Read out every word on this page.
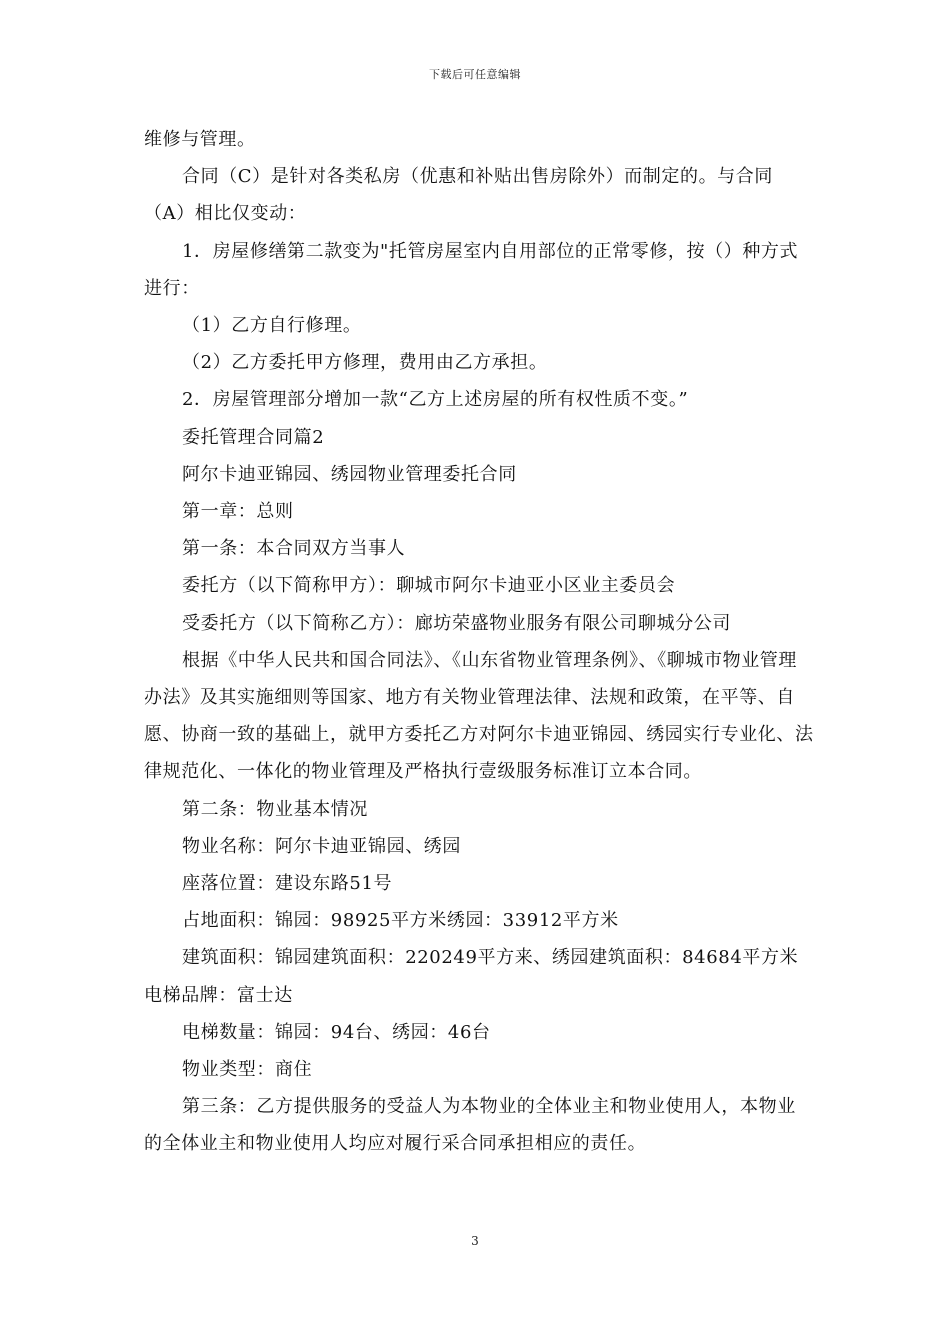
下载后可任意编辑

维修与管理。

合同（C）是针对各类私房（优惠和补贴出售房除外）而制定的。与合同（A）相比仅变动：

1．房屋修缮第二款变为"托管房屋室内自用部位的正常零修，按（）种方式进行：

（1）乙方自行修理。

（2）乙方委托甲方修理，费用由乙方承担。

2．房屋管理部分增加一款“乙方上述房屋的所有权性质不变。”

委托管理合同篇2

阿尔卡迪亚锦园、绣园物业管理委托合同

第一章：总则

第一条：本合同双方当事人

委托方（以下简称甲方）：聊城市阿尔卡迪亚小区业主委员会

受委托方（以下简称乙方）：廊坊荣盛物业服务有限公司聊城分公司

根据《中华人民共和国合同法》、《山东省物业管理条例》、《聊城市物业管理办法》及其实施细则等国家、地方有关物业管理法律、法规和政策，在平等、自愿、协商一致的基础上，就甲方委托乙方对阿尔卡迪亚锦园、绣园实行专业化、法律规范化、一体化的物业管理及严格执行壹级服务标准订立本合同。

第二条：物业基本情况

物业名称：阿尔卡迪亚锦园、绣园

座落位置：建设东路51号

占地面积：锦园：98925平方米绣园：33912平方米

建筑面积：锦园建筑面积：220249平方来、绣园建筑面积：84684平方米电梯品牌：富士达

电梯数量：锦园：94台、绣园：46台

物业类型：商住

第三条：乙方提供服务的受益人为本物业的全体业主和物业使用人，本物业的全体业主和物业使用人均应对履行采合同承担相应的责任。

3
